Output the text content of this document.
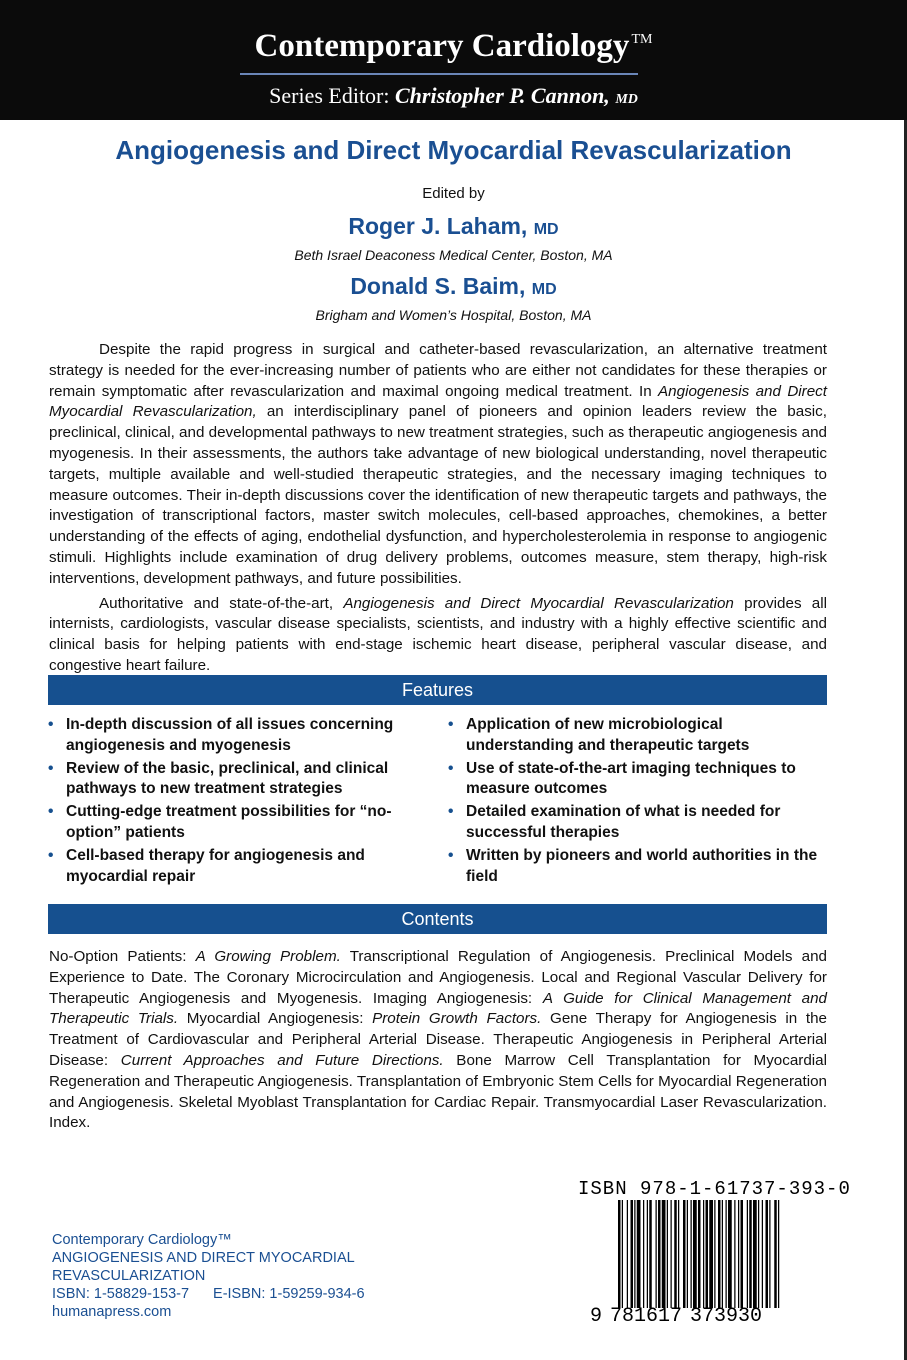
Contemporary Cardiology ™
Series Editor: Christopher P. Cannon, MD
Angiogenesis and Direct Myocardial Revascularization
Edited by
Roger J. Laham, MD
Beth Israel Deaconess Medical Center, Boston, MA
Donald S. Baim, MD
Brigham and Women’s Hospital, Boston, MA

Despite the rapid progress in surgical and catheter-based revascularization, an alternative treatment strategy is needed for the ever-increasing number of patients who are either not candidates for these therapies or remain symptomatic after revascularization and maximal ongoing medical treatment. In Angiogenesis and Direct Myocardial Revascularization, an interdisciplinary panel of pioneers and opinion leaders review the basic, preclinical, clinical, and developmental pathways to new treatment strategies, such as therapeutic angiogenesis and myogenesis. In their assessments, the authors take advantage of new biological understanding, novel therapeutic targets, multiple available and well-studied therapeutic strategies, and the necessary imaging techniques to measure outcomes. Their in-depth discussions cover the identification of new therapeutic targets and pathways, the investigation of transcriptional factors, master switch molecules, cell-based approaches, chemokines, a better understanding of the effects of aging, endothelial dysfunction, and hypercholesterolemia in response to angiogenic stimuli. Highlights include examination of drug delivery problems, outcomes measure, stem therapy, high-risk interventions, development pathways, and future possibilities.

Authoritative and state-of-the-art, Angiogenesis and Direct Myocardial Revascularization provides all internists, cardiologists, vascular disease specialists, scientists, and industry with a highly effective scientific and clinical basis for helping patients with end-stage ischemic heart disease, peripheral vascular disease, and congestive heart failure.

Features
• In-depth discussion of all issues concerning angiogenesis and myogenesis
• Review of the basic, preclinical, and clinical pathways to new treatment strategies
• Cutting-edge treatment possibilities for “no-option” patients
• Cell-based therapy for angiogenesis and myocardial repair
• Application of new microbiological understanding and therapeutic targets
• Use of state-of-the-art imaging techniques to measure outcomes
• Detailed examination of what is needed for successful therapies
• Written by pioneers and world authorities in the field
Contents

No-Option Patients: A Growing Problem. Transcriptional Regulation of Angiogenesis. Preclinical Models and Experience to Date. The Coronary Microcirculation and Angiogenesis. Local and Regional Vascular Delivery for Therapeutic Angiogenesis and Myogenesis. Imaging Angiogenesis: A Guide for Clinical Management and Therapeutic Trials. Myocardial Angiogenesis: Protein Growth Factors. Gene Therapy for Angiogenesis in the Treatment of Cardiovascular and Peripheral Arterial Disease. Therapeutic Angiogenesis in Peripheral Arterial Disease: Current Approaches and Future Directions. Bone Marrow Cell Transplantation for Myocardial Regeneration and Therapeutic Angiogenesis. Transplantation of Embryonic Stem Cells for Myocardial Regeneration and Angiogenesis. Skeletal Myoblast Transplantation for Cardiac Repair. Transmyocardial Laser Revascularization. Index.

Contemporary Cardiology™
ANGIOGENESIS AND DIRECT MYOCARDIAL
REVASCULARIZATION
ISBN: 1-58829-153-7 E-ISBN: 1-59259-934-6
humanapress.com
ISBN 978-1-61737-393-0
9 781617 373930
